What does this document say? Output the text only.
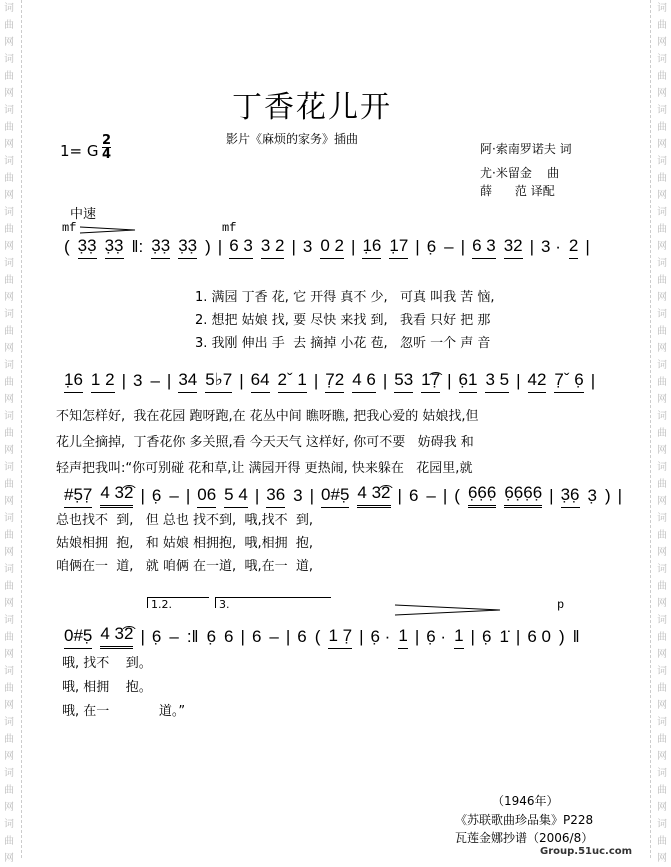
词
曲
网
词
曲
网
词
曲
网
词
曲
网
词
曲
网
词
曲
网
词
曲
网
词
曲
网
词
曲
网
词
曲
网
词
曲
网
词
曲
网
词
曲
网
词
曲
网
词
曲
网
词
曲
网
词
曲
网
词
曲
网
词
曲
网
词
曲
网
词
曲
网
词
曲
网
词
曲
网
词
曲
网
词
曲
网
词
曲
网
词
曲
网
词
曲
网
词
曲
网
词
曲
网
词
曲
网
词
曲
网
词
曲
网
词
曲
网
丁香花儿开
影片《麻烦的家务》插曲
1= G $\frac{2}{4}$	阿·索南罗诺夫 词
尤·米留金    曲
薛      范 译配
中速
mf	mf
( 3̣3̣ 3̣3̣ ‖: 3̣3̣ 3̣3̣ ) | 6 3 3 2 | 3 0 2 | 1̣6 1̣7 | 6̣ – | 6 3 32 | 3 · 2 |
1. 满园 丁香 花, 它 开得 真不 少,   可真 叫我 苦 恼,
2. 想把 姑娘 找, 要 尽快 来找 到,   我看 只好 把 那
3. 我刚 伸出 手  去 摘掉 小花 苞,   忽听 一个 声 音
1̣6 1 2 | 3 – | 34 5♭7 | 64 2ˇ 1 | 7̣2 4 6 | 53 1͡7̣ | 6̣1 3 5 | 42 7̣ˇ 6̣ |
不知怎样好,  我在花园 跑呀跑,在 花丛中间 瞧呀瞧, 把我心爱的 姑娘找,但
花儿全摘掉,  丁香花你 多关照,看 今天天气 这样好, 你可不要   妨碍我 和
轻声把我叫:“你可别碰 花和草,让 满园开得 更热闹, 快来躲在   花园里,就
#5̣7̣ 4 3͡2 | 6̣ – | 06 5 4 | 36 3 | 0#5̣ 4 3͡2 | 6 – | ( 6̣6̣6̣ 6̣6̣6̣6̣ | 3̣6̣ 3̣ ) |
总也找不  到,   但 总也 找不到,  哦,找不  到,
姑娘相拥  抱,   和 姑娘 相拥抱,  哦,相拥  抱,
咱俩在一  道,   就 咱俩 在一道,  哦,在一  道,
1.2.	3.	p
0#5̣ 4 3͡2 | 6̣ – :‖ 6̣ 6 | 6 – | 6 ( 1 7̣ | 6̣ · 1 | 6̣ · 1 | 6̣ 1̇ | 6 0 ) ‖
哦, 找不    到。
哦, 相拥    抱。
哦, 在一            道。”
（1946年）
《苏联歌曲珍品集》P228
瓦莲金娜抄谱（2006/8）
Group.51uc.com
